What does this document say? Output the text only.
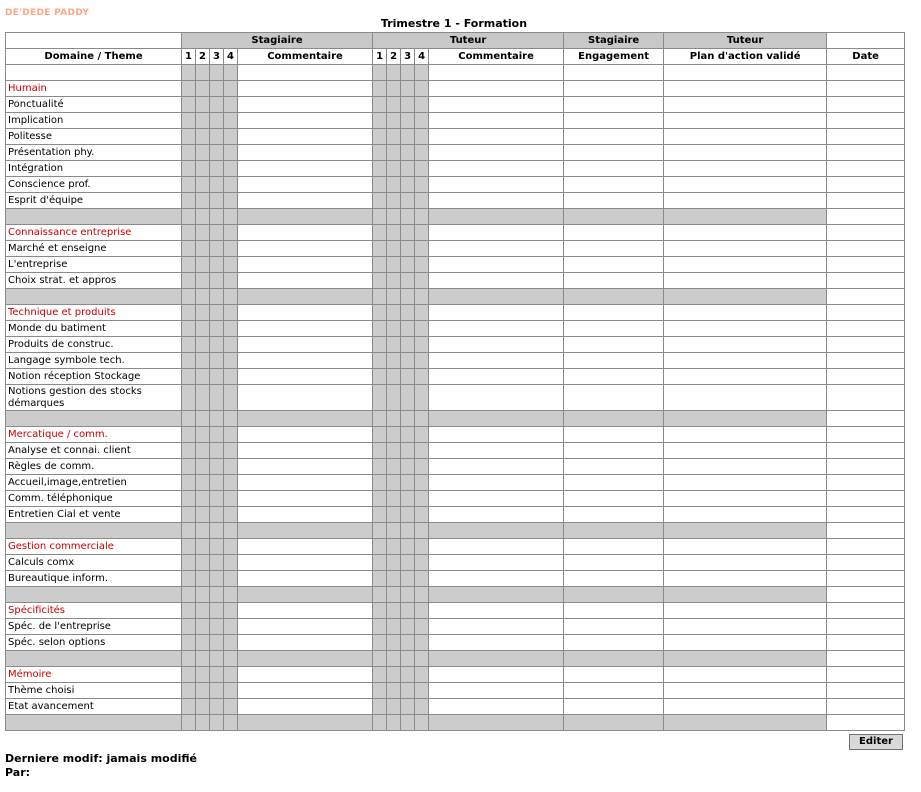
DE'DEDE PADDY
Trimestre 1 - Formation
	Stagiaire					Tuteur					Stagiaire	Tuteur	
Domaine / Theme	1	2	3	4	Commentaire	1	2	3	4	Commentaire	Engagement	Plan d'action validé	Date

Humain													
Ponctualité													
Implication													
Politesse													
Présentation phy.													
Intégration													
Conscience prof.													
Esprit d'équipe													

Connaissance entreprise													
Marché et enseigne													
L'entreprise													
Choix strat. et appros													

Technique et produits													
Monde du batiment													
Produits de construc.													
Langage symbole tech.													
Notion réception Stockage													
Notions gestion des stocks démarques													

Mercatique / comm.													
Analyse et connai. client													
Règles de comm.													
Accueil,image,entretien													
Comm. téléphonique													
Entretien Cial et vente													

Gestion commerciale													
Calculs comx													
Bureautique inform.													

Spécificités													
Spéc. de l'entreprise													
Spéc. selon options													

Mémoire													
Thème choisi													
Etat avancement													

Editer
Derniere modif: jamais modifié
Par:
